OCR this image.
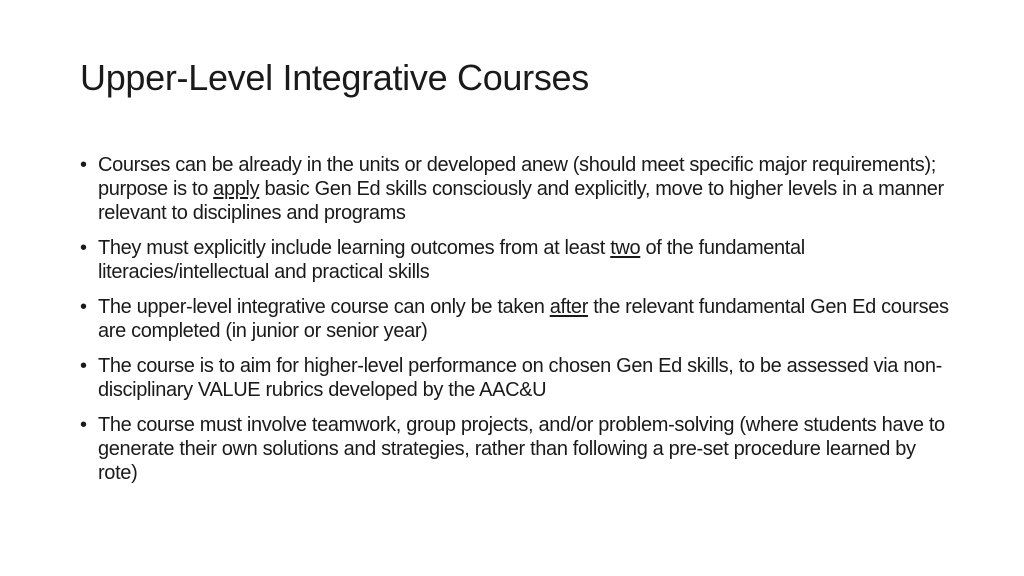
Upper-Level Integrative Courses
• Courses can be already in the units or developed anew (should meet specific major requirements); purpose is to apply basic Gen Ed skills consciously and explicitly, move to higher levels in a manner relevant to disciplines and programs
• They must explicitly include learning outcomes from at least two of the fundamental literacies/intellectual and practical skills
• The upper-level integrative course can only be taken after the relevant fundamental Gen Ed courses are completed (in junior or senior year)
• The course is to aim for higher-level performance on chosen Gen Ed skills, to be assessed via non-disciplinary VALUE rubrics developed by the AAC&U
• The course must involve teamwork, group projects, and/or problem-solving (where students have to generate their own solutions and strategies, rather than following a pre-set procedure learned by rote)
